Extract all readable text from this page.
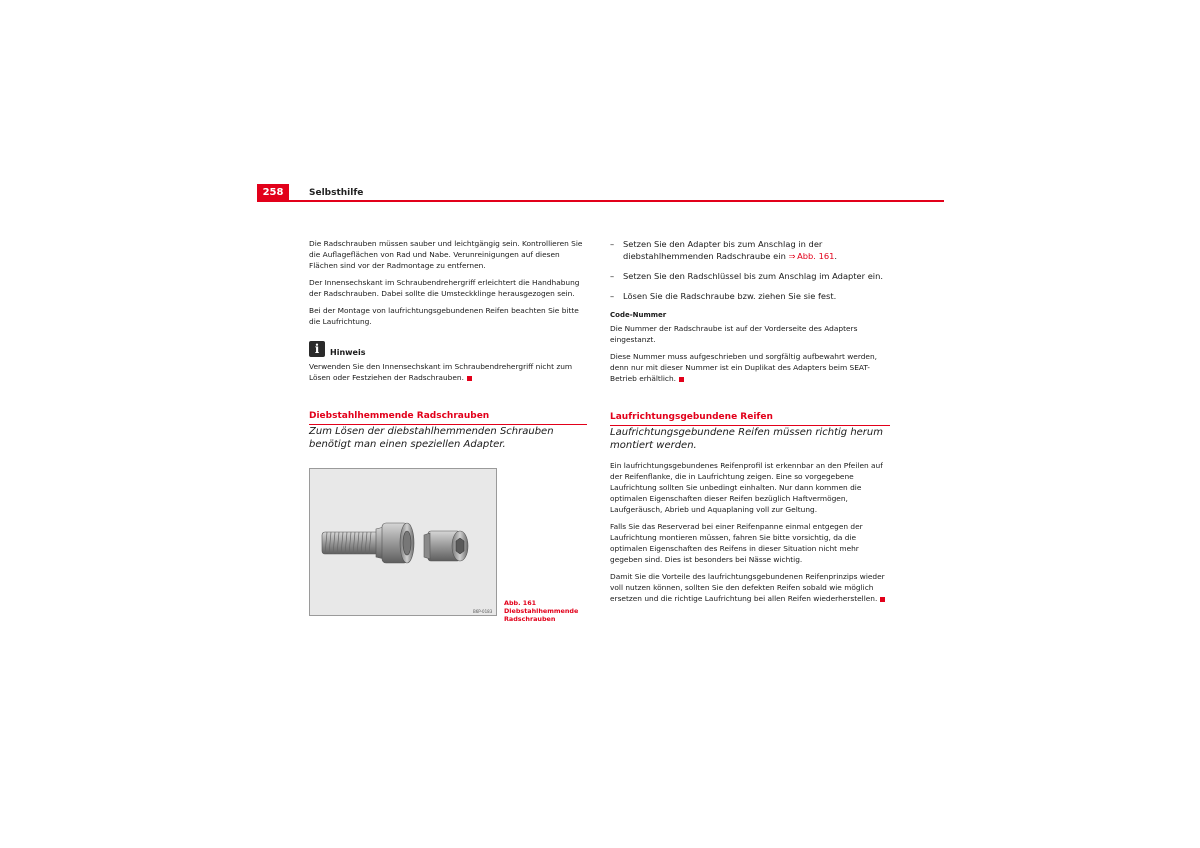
258	Selbsthilfe

Die Radschrauben müssen sauber und leichtgängig sein. Kontrollieren Sie die Auflageflächen von Rad und Nabe. Verunreinigungen auf diesen Flächen sind vor der Radmontage zu entfernen.

Der Innensechskant im Schraubendrehergriff erleichtert die Handhabung der Radschrauben. Dabei sollte die Umsteckklinge herausgezogen sein.

Bei der Montage von laufrichtungsgebundenen Reifen beachten Sie bitte die Laufrichtung.

i	Hinweis

Verwenden Sie den Innensechskant im Schraubendrehergriff nicht zum Lösen oder Festziehen der Radschrauben.

Diebstahlhemmende Radschrauben

Zum Lösen der diebstahlhemmenden Schrauben benötigt man einen speziellen Adapter.

B6P-0183
Abb. 161 Diebstahlhemmende Radschrauben
– Setzen Sie den Adapter bis zum Anschlag in der diebstahlhemmenden Radschraube ein ⇒  Abb. 161.
– Setzen Sie den Radschlüssel bis zum Anschlag im Adapter ein.
– Lösen Sie die Radschraube bzw. ziehen Sie sie fest.
Code-Nummer

Die Nummer der Radschraube ist auf der Vorderseite des Adapters eingestanzt.

Diese Nummer muss aufgeschrieben und sorgfältig aufbewahrt werden, denn nur mit dieser Nummer ist ein Duplikat des Adapters beim SEAT-Betrieb erhältlich.

Laufrichtungsgebundene Reifen

Laufrichtungsgebundene Reifen müssen richtig herum montiert werden.

Ein laufrichtungsgebundenes Reifenprofil ist erkennbar an den Pfeilen auf der Reifenflanke, die in Laufrichtung zeigen. Eine so vorgegebene Laufrichtung sollten Sie unbedingt einhalten. Nur dann kommen die optimalen Eigenschaften dieser Reifen bezüglich Haftvermögen, Laufgeräusch, Abrieb und Aquaplaning voll zur Geltung.

Falls Sie das Reserverad bei einer Reifenpanne einmal entgegen der Laufrichtung montieren müssen, fahren Sie bitte vorsichtig, da die optimalen Eigenschaften des Reifens in dieser Situation nicht mehr gegeben sind. Dies ist besonders bei Nässe wichtig.

Damit Sie die Vorteile des laufrichtungsgebundenen Reifenprinzips wieder voll nutzen können, sollten Sie den defekten Reifen sobald wie möglich ersetzen und die richtige Laufrichtung bei allen Reifen wiederherstellen.
